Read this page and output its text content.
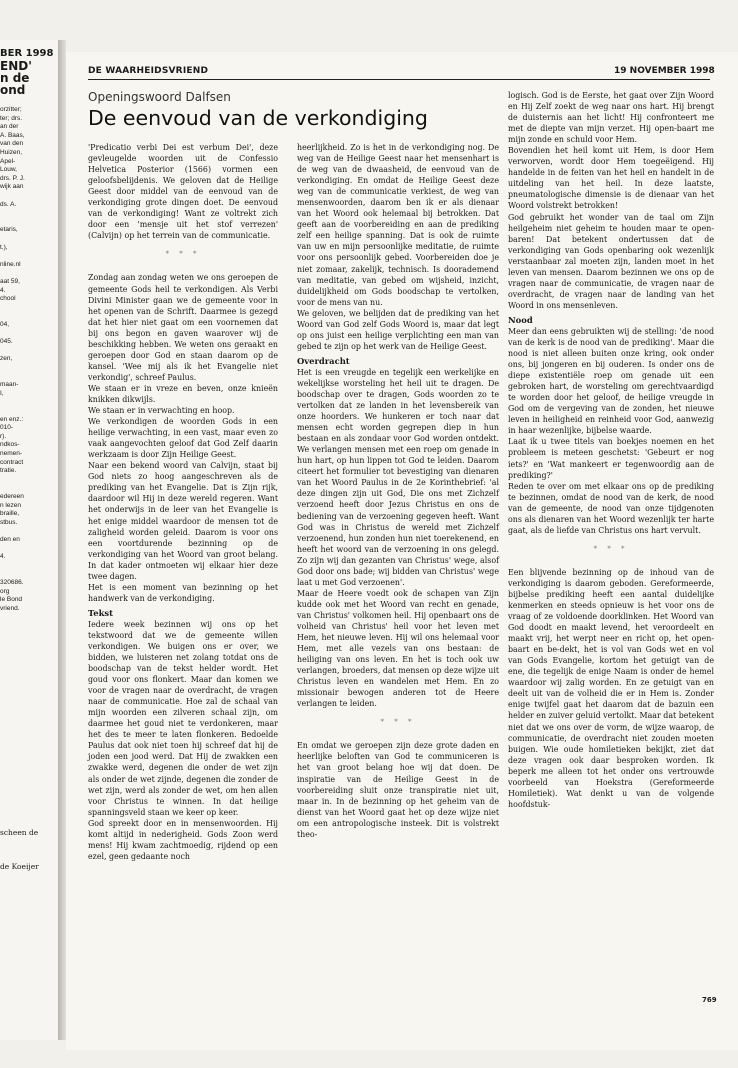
BER 1998
END'
n de
ond
orzitter;
ter; drs.
an der
A. Baas,
van den
Huizen,
Apel-
Louw,
drs. P. J.
wijk aan
ds. A.
etaris,
t.),
nline.nl
aat 59,
4.
chool
04,
045.
zen,
maan-
I,
en enz.:
010-
r).
ndkos-
nemen-
contract
tratie.
edereen
n lezen
braille,
stbus.
den en
4.
320686.
org
le Bond
vriend.
scheen de
de Koeijer
DE WAARHEIDSVRIEND	19 NOVEMBER 1998
Openingswoord Dalfsen
De eenvoud van de verkondiging

'Predicatio verbi Dei est verbum Dei', deze gevleugelde woorden uit de Confessio Helvetica Posterior (1566) vormen een geloofsbelijdenis. We geloven dat de Heilige Geest door middel van de eenvoud van de verkondiging grote dingen doet. De eenvoud van de verkondiging! Want ze voltrekt zich door een 'mensje uit het stof verrezen' (Calvijn) op het terrein van de communicatie.

* * *

Zondag aan zondag weten we ons geroepen de gemeente Gods heil te verkondigen. Als Verbi Divini Minister gaan we de gemeente voor in het openen van de Schrift. Daarmee is gezegd dat het hier niet gaat om een voornemen dat bij ons begon en gaven waarover wij de beschikking hebben. We weten ons geraakt en geroepen door God en staan daarom op de kansel. 'Wee mij als ik het Evangelie niet verkondig', schreef Paulus.

We staan er in vreze en beven, onze knieën knikken dikwijls.

We staan er in verwachting en hoop.

We verkondigen de woorden Gods in een heilige verwachting, in een vast, maar even zo vaak aangevochten geloof dat God Zelf daarin werkzaam is door Zijn Heilige Geest.

Naar een bekend woord van Calvijn, staat bij God niets zo hoog aangeschreven als de prediking van het Evangelie. Dat is Zijn rijk, daardoor wil Hij in deze wereld regeren. Want het onderwijs in de leer van het Evangelie is het enige middel waardoor de mensen tot de zaligheid worden geleid. Daarom is voor ons een voortdurende bezinning op de verkondiging van het Woord van groot belang. In dat kader ontmoeten wij elkaar hier deze twee dagen.

Het is een moment van bezinning op het handwerk van de verkondiging.

Tekst

Iedere week bezinnen wij ons op het tekstwoord dat we de gemeente willen verkondigen. We buigen ons er over, we bidden, we luisteren net zolang totdat ons de boodschap van de tekst helder wordt. Het goud voor ons flonkert. Maar dan komen we voor de vragen naar de overdracht, de vragen naar de communicatie. Hoe zal de schaal van mijn woorden een zilveren schaal zijn, om daarmee het goud niet te verdonkeren, maar het des te meer te laten flonkeren. Bedoelde Paulus dat ook niet toen hij schreef dat hij de joden een jood werd. Dat Hij de zwakken een zwakke werd, degenen die onder de wet zijn als onder de wet zijnde, degenen die zonder de wet zijn, werd als zonder de wet, om hen allen voor Christus te winnen. In dat heilige spanningsveld staan we keer op keer.

God spreekt door en in mensenwoorden. Hij komt altijd in nederigheid. Gods Zoon werd mens! Hij kwam zachtmoedig, rijdend op een ezel, geen gedaante noch

heerlijkheid. Zo is het in de verkondiging nog. De weg van de Heilige Geest naar het mensenhart is de weg van de dwaasheid, de eenvoud van de verkondiging. En omdat de Heilige Geest deze weg van de communicatie verkiest, de weg van mensenwoorden, daarom ben ik er als dienaar van het Woord ook helemaal bij betrokken. Dat geeft aan de voorbereiding en aan de prediking zelf een heilige spanning. Dat is ook de ruimte van uw en mijn persoonlijke meditatie, de ruimte voor ons persoonlijk gebed. Voorbereiden doe je niet zomaar, zakelijk, technisch. Is doorademend van meditatie, van gebed om wijsheid, inzicht, duidelijkheid om Gods boodschap te vertolken, voor de mens van nu.

We geloven, we belijden dat de prediking van het Woord van God zelf Gods Woord is, maar dat legt op ons juist een heilige verplichting een man van gebed te zijn op het werk van de Heilige Geest.

Overdracht

Het is een vreugde en tegelijk een werkelijke en wekelijkse worsteling het heil uit te dragen. De boodschap over te dragen, Gods woorden zo te vertolken dat ze landen in het levensbereik van onze hoorders. We hunkeren er toch naar dat mensen echt worden gegrepen diep in hun bestaan en als zondaar voor God worden ontdekt. We verlangen mensen met een roep om genade in hun hart, op hun lippen tot God te leiden. Daarom citeert het formulier tot bevestiging van dienaren van het Woord Paulus in de 2e Korinthebrief: 'al deze dingen zijn uit God, Die ons met Zichzelf verzoend heeft door Jezus Christus en ons de bediening van de verzoening gegeven heeft. Want God was in Christus de wereld met Zichzelf verzoenend, hun zonden hun niet toerekenend, en heeft het woord van de verzoening in ons gelegd. Zo zijn wij dan gezanten van Christus' wege, alsof God door ons bade; wij bidden van Christus' wege laat u met God verzoenen'.

Maar de Heere voedt ook de schapen van Zijn kudde ook met het Woord van recht en genade, van Christus' volkomen heil. Hij openbaart ons de volheid van Christus' heil voor het leven met Hem, het nieuwe leven. Hij wil ons helemaal voor Hem, met alle vezels van ons bestaan: de heiliging van ons leven. En het is toch ook uw verlangen, broeders, dat mensen op deze wijze uit Christus leven en wandelen met Hem. En zo missionair bewogen anderen tot de Heere verlangen te leiden.

* * *

En omdat we geroepen zijn deze grote daden en heerlijke beloften van God te communiceren is het van groot belang hoe wij dat doen. De inspiratie van de Heilige Geest in de voorbereiding sluit onze transpiratie niet uit, maar in. In de bezinning op het geheim van de dienst van het Woord gaat het op deze wijze niet om een antropologische insteek. Dit is volstrekt theo-

logisch. God is de Eerste, het gaat over Zijn Woord en Hij Zelf zoekt de weg naar ons hart. Hij brengt de duisternis aan het licht! Hij confronteert me met de diepte van mijn verzet. Hij open-baart me mijn zonde en schuld voor Hem.

Bovendien het heil komt uit Hem, is door Hem verworven, wordt door Hem toegeëigend. Hij handelde in de feiten van het heil en handelt in de uitdeling van het heil. In deze laatste, pneumatologische dimensie is de dienaar van het Woord volstrekt betrokken!

God gebruikt het wonder van de taal om Zijn heilgeheim niet geheim te houden maar te open-baren! Dat betekent ondertussen dat de verkondiging van Gods openbaring ook wezenlijk verstaanbaar zal moeten zijn, landen moet in het leven van mensen. Daarom bezinnen we ons op de vragen naar de communicatie, de vragen naar de overdracht, de vragen naar de landing van het Woord in ons mensenleven.

Nood

Meer dan eens gebruikten wij de stelling: 'de nood van de kerk is de nood van de prediking'. Maar die nood is niet alleen buiten onze kring, ook onder ons, bij jongeren en bij ouderen. Is onder ons de diepe existentiële roep om genade uit een gebroken hart, de worsteling om gerechtvaardigd te worden door het geloof, de heilige vreugde in God om de vergeving van de zonden, het nieuwe leven in heiligheid en reinheid voor God, aanwezig in haar wezenlijke, bijbelse waarde.

Laat ik u twee titels van boekjes noemen en het probleem is meteen geschetst: 'Gebeurt er nog iets?' en 'Wat mankeert er tegenwoordig aan de prediking?'

Reden te over om met elkaar ons op de prediking te bezinnen, omdat de nood van de kerk, de nood van de gemeente, de nood van onze tijdgenoten ons als dienaren van het Woord wezenlijk ter harte gaat, als de liefde van Christus ons hart vervult.

* * *

Een blijvende bezinning op de inhoud van de verkondiging is daarom geboden. Gereformeerde, bijbelse prediking heeft een aantal duidelijke kenmerken en steeds opnieuw is het voor ons de vraag of ze voldoende doorklinken. Het Woord van God doodt en maakt levend, het veroordeelt en maakt vrij, het werpt neer en richt op, het open-baart en be-dekt, het is vol van Gods wet en vol van Gods Evangelie, kortom het getuigt van de ene, die tegelijk de enige Naam is onder de hemel waardoor wij zalig worden. En ze getuigt van en deelt uit van de volheid die er in Hem is. Zonder enige twijfel gaat het daarom dat de bazuin een helder en zuiver geluid vertolkt. Maar dat betekent niet dat we ons over de vorm, de wijze waarop, de communicatie, de overdracht niet zouden moeten buigen. Wie oude homiletieken bekijkt, ziet dat deze vragen ook daar besproken worden. Ik beperk me alleen tot het onder ons vertrouwde voorbeeld van Hoekstra (Gereformeerde Homiletiek). Wat denkt u van de volgende hoofdstuk-

769
